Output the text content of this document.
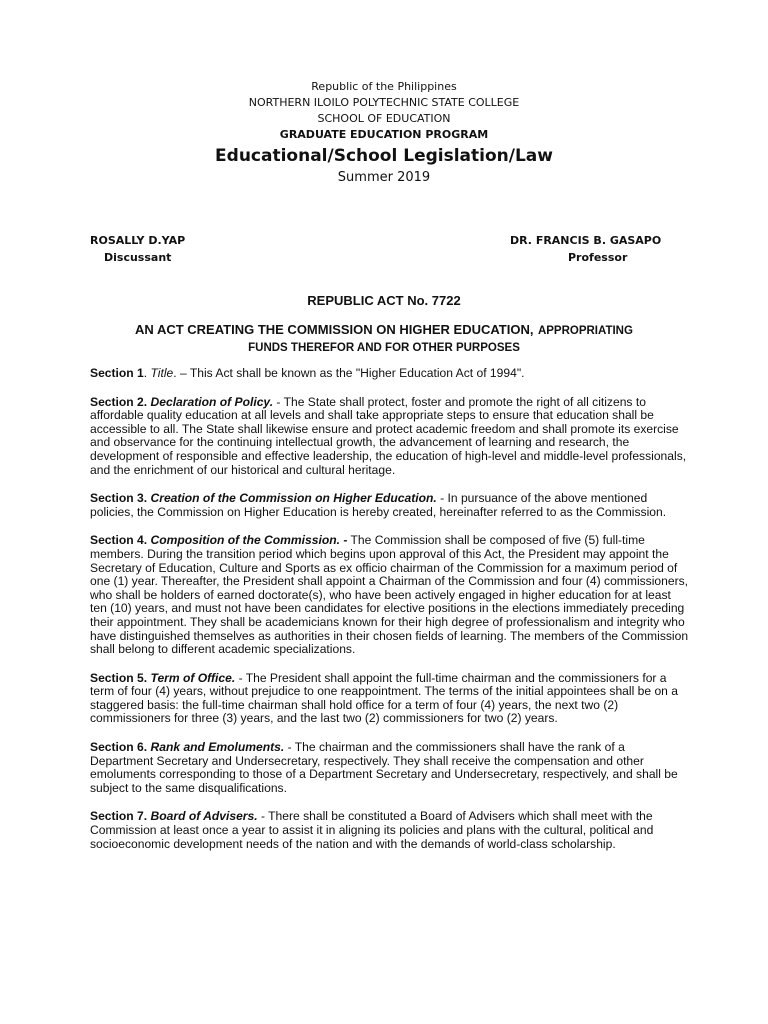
Republic of the Philippines
NORTHERN ILOILO POLYTECHNIC STATE COLLEGE
SCHOOL OF EDUCATION
GRADUATE EDUCATION PROGRAM
Educational/School Legislation/Law
Summer 2019
ROSALLY D.YAP
Discussant
DR. FRANCIS B. GASAPO
Professor
REPUBLIC ACT No. 7722
AN ACT CREATING THE COMMISSION ON HIGHER EDUCATION, APPROPRIATING
FUNDS THEREFOR AND FOR OTHER PURPOSES

Section 1. Title. – This Act shall be known as the "Higher Education Act of 1994".

Section 2. Declaration of Policy. - The State shall protect, foster and promote the right of all citizens to affordable quality education at all levels and shall take appropriate steps to ensure that education shall be accessible to all. The State shall likewise ensure and protect academic freedom and shall promote its exercise and observance for the continuing intellectual growth, the advancement of learning and research, the development of responsible and effective leadership, the education of high-level and middle-level professionals, and the enrichment of our historical and cultural heritage.

Section 3. Creation of the Commission on Higher Education. - In pursuance of the above mentioned policies, the Commission on Higher Education is hereby created, hereinafter referred to as the Commission.

Section 4. Composition of the Commission. - The Commission shall be composed of five (5) full-time members. During the transition period which begins upon approval of this Act, the President may appoint the Secretary of Education, Culture and Sports as ex officio chairman of the Commission for a maximum period of one (1) year. Thereafter, the President shall appoint a Chairman of the Commission and four (4) commissioners, who shall be holders of earned doctorate(s), who have been actively engaged in higher education for at least ten (10) years, and must not have been candidates for elective positions in the elections immediately preceding their appointment. They shall be academicians known for their high degree of professionalism and integrity who have distinguished themselves as authorities in their chosen fields of learning. The members of the Commission shall belong to different academic specializations.

Section 5. Term of Office. - The President shall appoint the full-time chairman and the commissioners for a term of four (4) years, without prejudice to one reappointment. The terms of the initial appointees shall be on a staggered basis: the full-time chairman shall hold office for a term of four (4) years, the next two (2) commissioners for three (3) years, and the last two (2) commissioners for two (2) years.

Section 6. Rank and Emoluments. - The chairman and the commissioners shall have the rank of a Department Secretary and Undersecretary, respectively. They shall receive the compensation and other emoluments corresponding to those of a Department Secretary and Undersecretary, respectively, and shall be subject to the same disqualifications.

Section 7. Board of Advisers. - There shall be constituted a Board of Advisers which shall meet with the Commission at least once a year to assist it in aligning its policies and plans with the cultural, political and socioeconomic development needs of the nation and with the demands of world-class scholarship.
